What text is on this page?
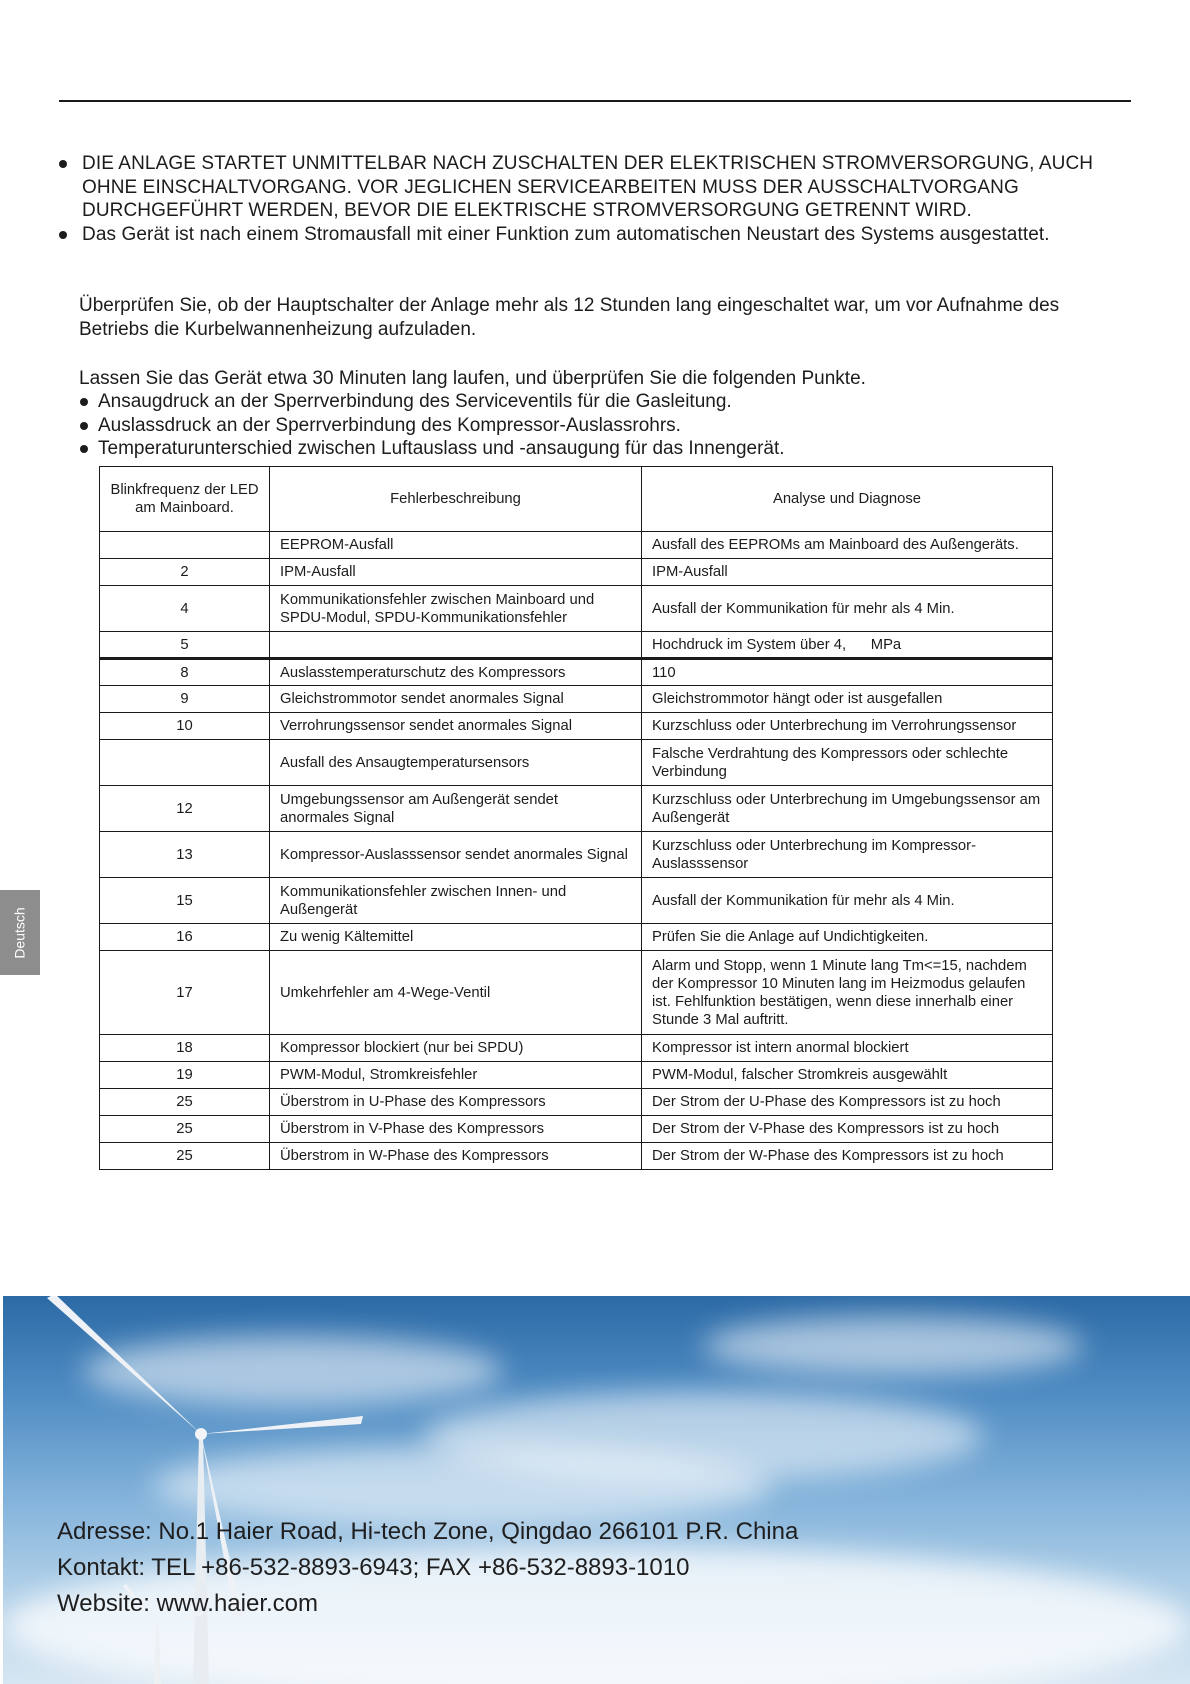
DIE ANLAGE STARTET UNMITTELBAR NACH ZUSCHALTEN DER ELEKTRISCHEN STROMVERSORGUNG, AUCH OHNE EINSCHALTVORGANG. VOR JEGLICHEN SERVICEARBEITEN MUSS DER AUSSCHALTVORGANG DURCHGEFÜHRT WERDEN, BEVOR DIE ELEKTRISCHE STROMVERSORGUNG GETRENNT WIRD.
Das Gerät ist nach einem Stromausfall mit einer Funktion zum automatischen Neustart des Systems ausgestattet.

Überprüfen Sie, ob der Hauptschalter der Anlage mehr als 12 Stunden lang eingeschaltet war, um vor Aufnahme des Betriebs die Kurbelwannenheizung aufzuladen.

Lassen Sie das Gerät etwa 30 Minuten lang laufen, und überprüfen Sie die folgenden Punkte.

Ansaugdruck an der Sperrverbindung des Serviceventils für die Gasleitung.
Auslassdruck an der Sperrverbindung des Kompressor-Auslassrohrs.
Temperaturunterschied zwischen Luftauslass und -ansaugung für das Innengerät.
Blinkfrequenz der LED am Mainboard.	Fehlerbeschreibung	Analyse und Diagnose
	EEPROM-Ausfall	Ausfall des EEPROMs am Mainboard des Außengeräts.
2	IPM-Ausfall	IPM-Ausfall
4	Kommunikationsfehler zwischen Mainboard und SPDU-Modul, SPDU-Kommunikationsfehler	Ausfall der Kommunikation für mehr als 4 Min.
5		Hochdruck im System über 4,      MPa
8	Auslasstemperaturschutz des Kompressors	110
9	Gleichstrommotor sendet anormales Signal	Gleichstrommotor hängt oder ist ausgefallen
10	Verrohrungssensor sendet anormales Signal	Kurzschluss oder Unterbrechung im Verrohrungssensor
	Ausfall des Ansaugtemperatursensors	Falsche Verdrahtung des Kompressors oder schlechte Verbindung
12	Umgebungssensor am Außengerät sendet anormales Signal	Kurzschluss oder Unterbrechung im Umgebungssensor am Außengerät
13	Kompressor-Auslasssensor sendet anormales Signal	Kurzschluss oder Unterbrechung im Kompressor-Auslasssensor
15	Kommunikationsfehler zwischen Innen- und Außengerät	Ausfall der Kommunikation für mehr als 4 Min.
16	Zu wenig Kältemittel	Prüfen Sie die Anlage auf Undichtigkeiten.
17	Umkehrfehler am 4-Wege-Ventil	Alarm und Stopp, wenn 1 Minute lang Tm<=15, nachdem der Kompressor 10 Minuten lang im Heizmodus gelaufen ist. Fehlfunktion bestätigen, wenn diese innerhalb einer Stunde 3 Mal auftritt.
18	Kompressor blockiert (nur bei SPDU)	Kompressor ist intern anormal blockiert
19	PWM-Modul, Stromkreisfehler	PWM-Modul, falscher Stromkreis ausgewählt
25	Überstrom in U-Phase des Kompressors	Der Strom der U-Phase des Kompressors ist zu hoch
25	Überstrom in V-Phase des Kompressors	Der Strom der V-Phase des Kompressors ist zu hoch
25	Überstrom in W-Phase des Kompressors	Der Strom der W-Phase des Kompressors ist zu hoch
Deutsch
Adresse: No.1 Haier Road, Hi-tech Zone, Qingdao 266101 P.R. China
Kontakt: TEL +86-532-8893-6943; FAX +86-532-8893-1010
Website: www.haier.com
